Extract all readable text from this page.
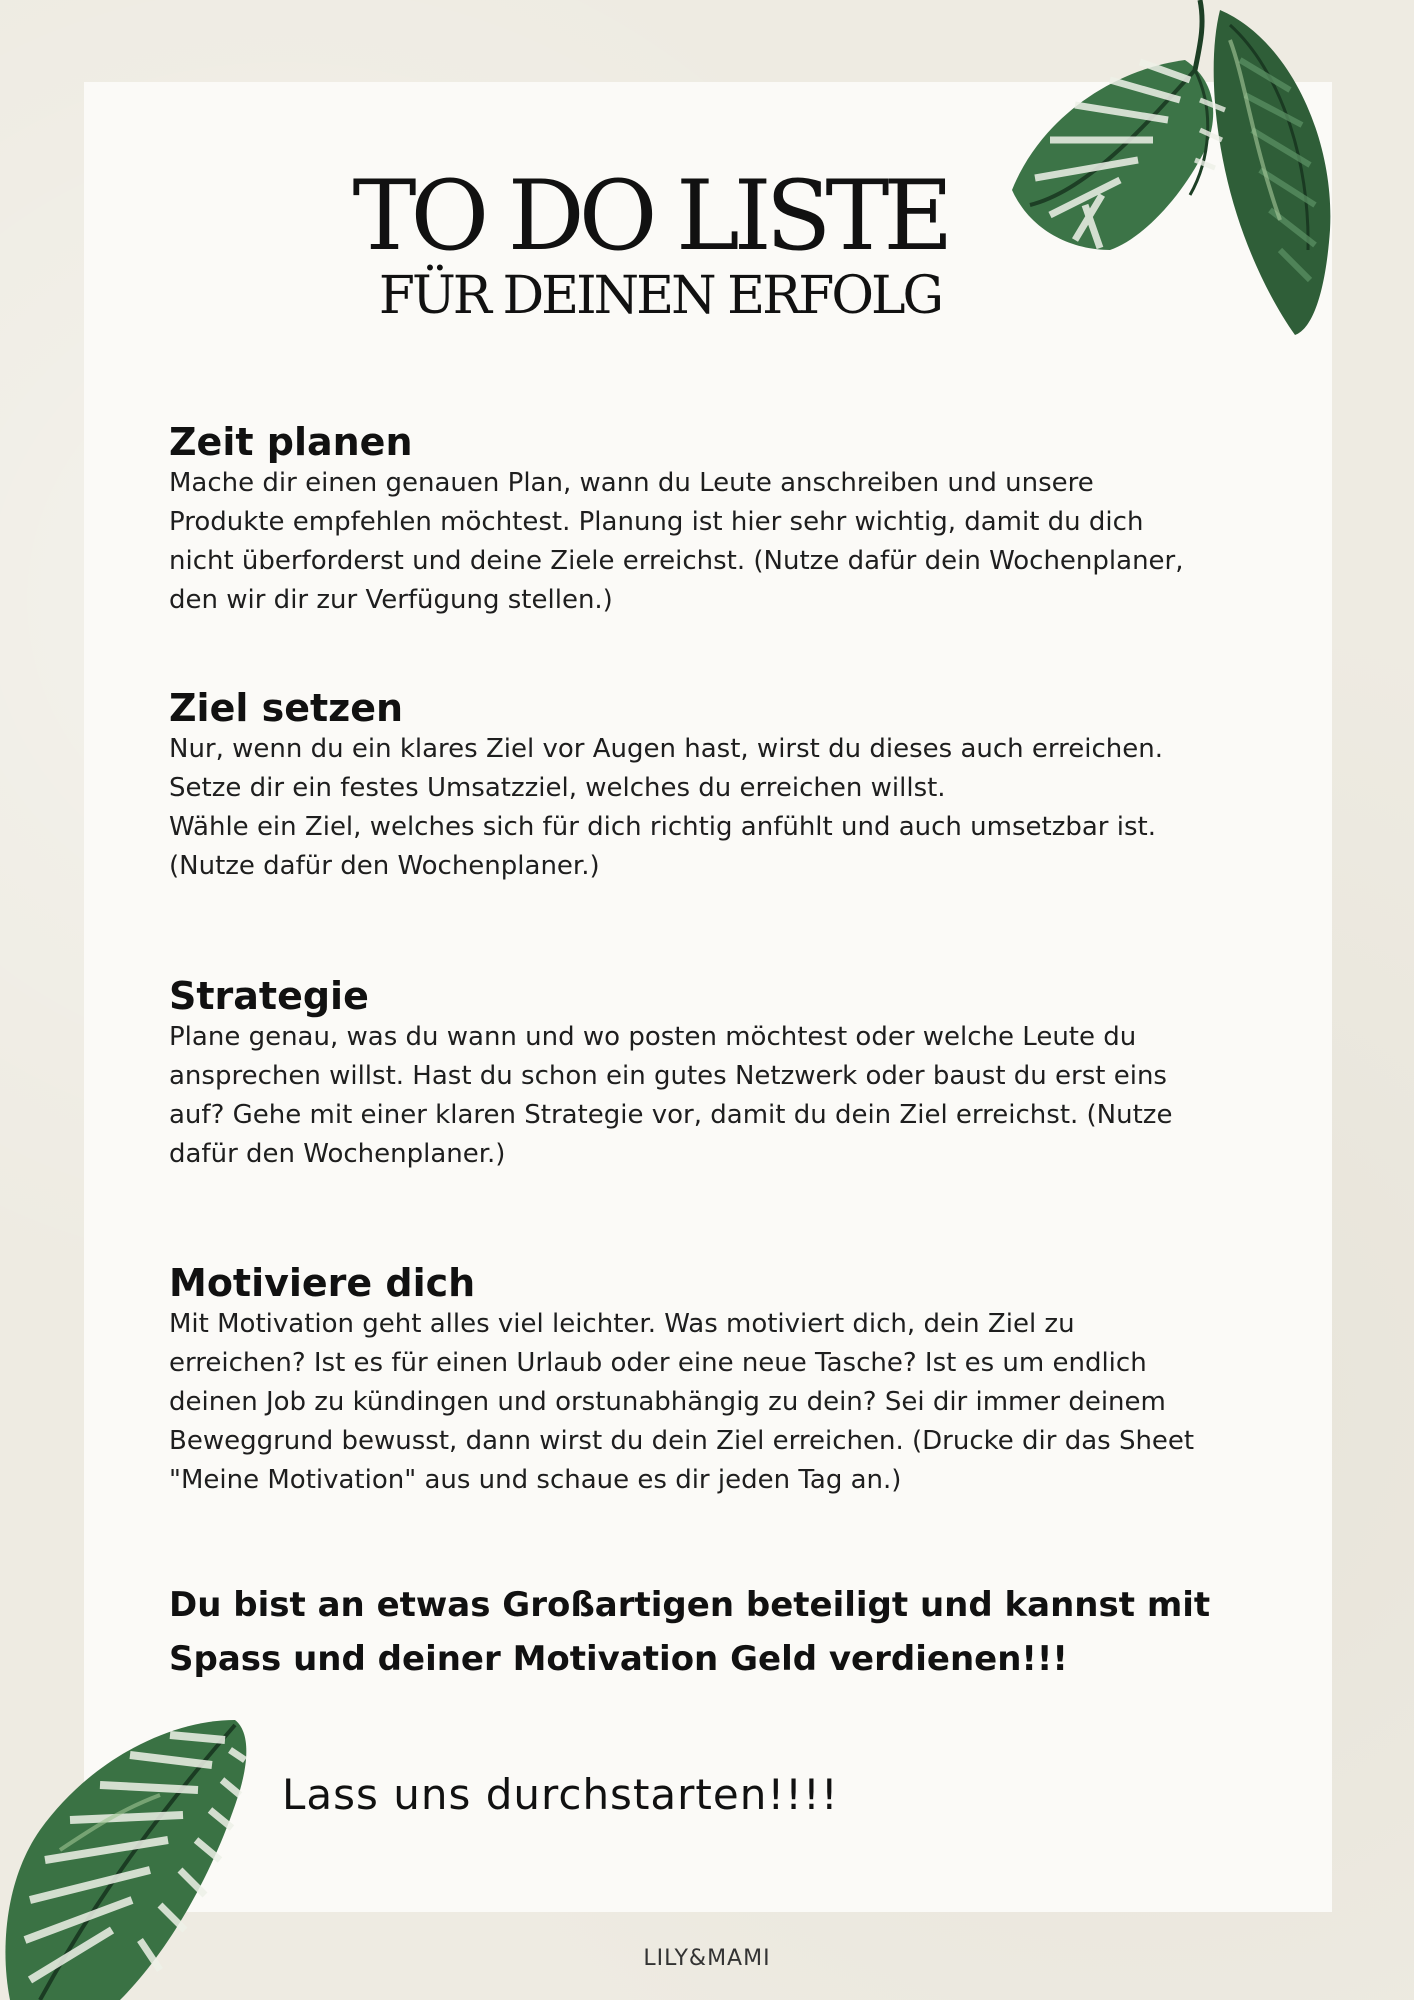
TO DO LISTE
FÜR DEINEN ERFOLG
Zeit planen

Mache dir einen genauen Plan, wann du Leute anschreiben und unsere
Produkte empfehlen möchtest. Planung ist hier sehr wichtig, damit du dich
nicht überforderst und deine Ziele erreichst. (Nutze dafür dein Wochenplaner,
den wir dir zur Verfügung stellen.)

Ziel setzen

Nur, wenn du ein klares Ziel vor Augen hast, wirst du dieses auch erreichen.
Setze dir ein festes Umsatzziel, welches du erreichen willst.
Wähle ein Ziel, welches sich für dich richtig anfühlt und auch umsetzbar ist.
(Nutze dafür den Wochenplaner.)

Strategie

Plane genau, was du wann und wo posten möchtest oder welche Leute du
ansprechen willst. Hast du schon ein gutes Netzwerk oder baust du erst eins
auf? Gehe mit einer klaren Strategie vor, damit du dein Ziel erreichst. (Nutze
dafür den Wochenplaner.)

Motiviere dich

Mit Motivation geht alles viel leichter. Was motiviert dich, dein Ziel zu
erreichen? Ist es für einen Urlaub oder eine neue Tasche? Ist es um endlich
deinen Job zu kündingen und orstunabhängig zu dein? Sei dir immer deinem
Beweggrund bewusst, dann wirst du dein Ziel erreichen. (Drucke dir das Sheet
"Meine Motivation" aus und schaue es dir jeden Tag an.)

Du bist an etwas Großartigen beteiligt und kannst mit
Spass und deiner Motivation Geld verdienen!!!

Lass uns durchstarten!!!!

LILY&MAMI
